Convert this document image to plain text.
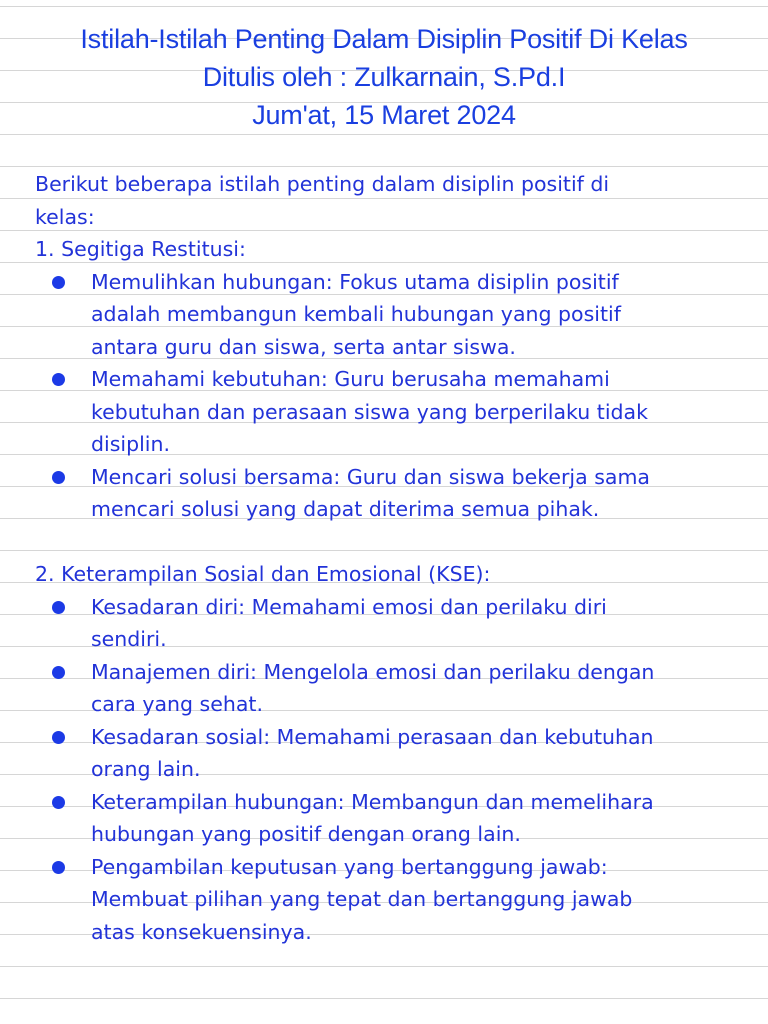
Istilah-Istilah Penting Dalam Disiplin Positif Di Kelas
Ditulis oleh : Zulkarnain, S.Pd.I
Jum'at, 15 Maret 2024
Berikut beberapa istilah penting dalam disiplin positif di
kelas:
1. Segitiga Restitusi:
Memulihkan hubungan: Fokus utama disiplin positif
adalah membangun kembali hubungan yang positif
antara guru dan siswa, serta antar siswa.
Memahami kebutuhan: Guru berusaha memahami
kebutuhan dan perasaan siswa yang berperilaku tidak
disiplin.
Mencari solusi bersama: Guru dan siswa bekerja sama
mencari solusi yang dapat diterima semua pihak.
2. Keterampilan Sosial dan Emosional (KSE):
Kesadaran diri: Memahami emosi dan perilaku diri
sendiri.
Manajemen diri: Mengelola emosi dan perilaku dengan
cara yang sehat.
Kesadaran sosial: Memahami perasaan dan kebutuhan
orang lain.
Keterampilan hubungan: Membangun dan memelihara
hubungan yang positif dengan orang lain.
Pengambilan keputusan yang bertanggung jawab:
Membuat pilihan yang tepat dan bertanggung jawab
atas konsekuensinya.
